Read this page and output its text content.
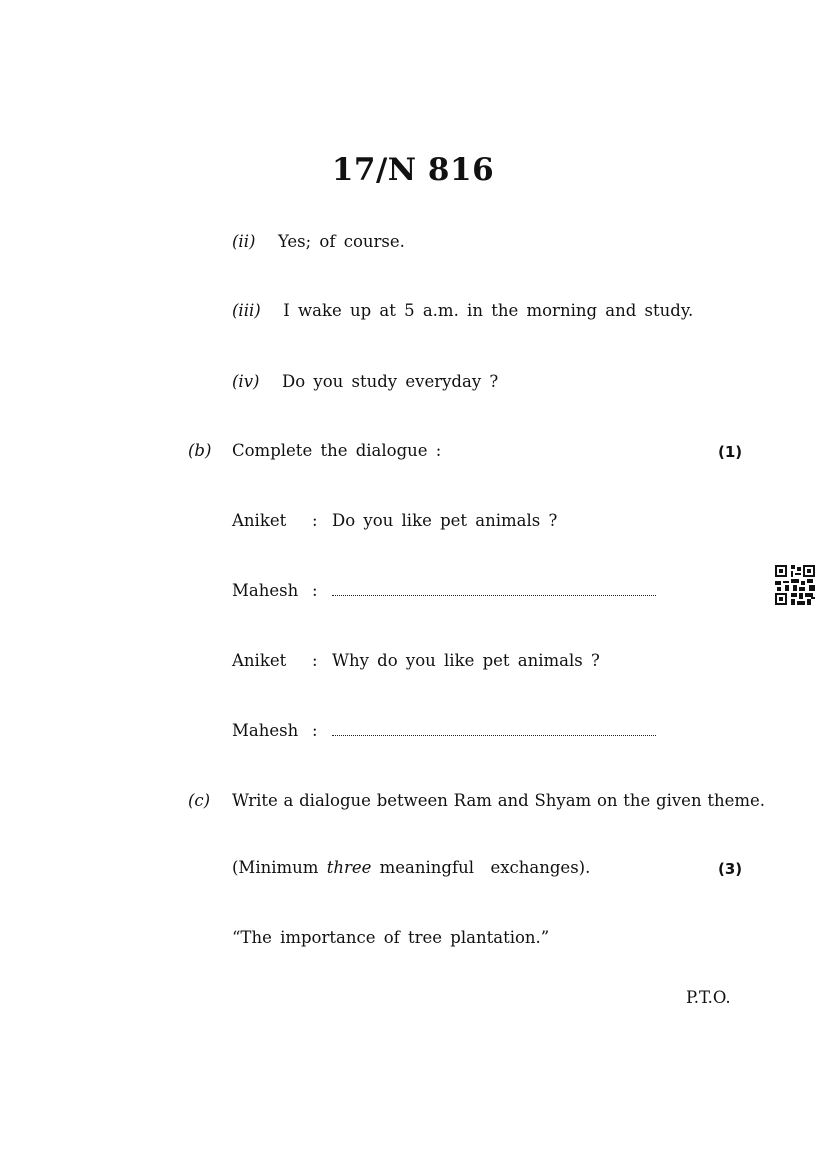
17/N 816
(ii) Yes; of course.
(iii) I wake up at 5 a.m. in the morning and study.
(iv) Do you study everyday ?
(b) Complete the dialogue :	(1)
Aniket : Do you like pet animals ?
Mahesh :
Aniket : Why do you like pet animals ?
Mahesh :
(c) Write a dialogue between Ram and Shyam on the given theme.
(Minimum three meaningful  exchanges).	(3)
“The importance of tree plantation.”
P.T.O.
